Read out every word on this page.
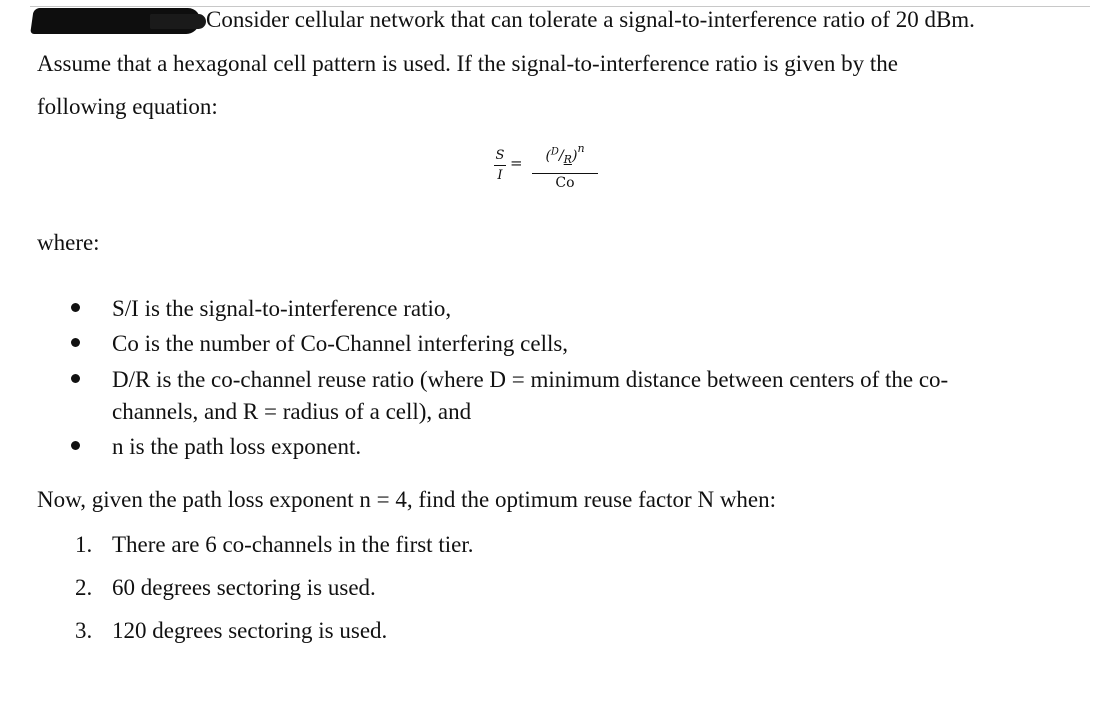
Consider cellular network that can tolerate a signal-to-interference ratio of 20 dBm.
Assume that a hexagonal cell pattern is used. If the signal-to-interference ratio is given by the
following equation:
S
I
=	$(^D/_R)^n$
Co
where:
S/I is the signal-to-interference ratio,
Co is the number of Co-Channel interfering cells,
D/R is the co-channel reuse ratio (where D = minimum distance between centers of the co-
channels, and R = radius of a cell), and
n is the path loss exponent.
Now, given the path loss exponent n = 4, find the optimum reuse factor N when:
1. There are 6 co-channels in the first tier.
2. 60 degrees sectoring is used.
3. 120 degrees sectoring is used.
